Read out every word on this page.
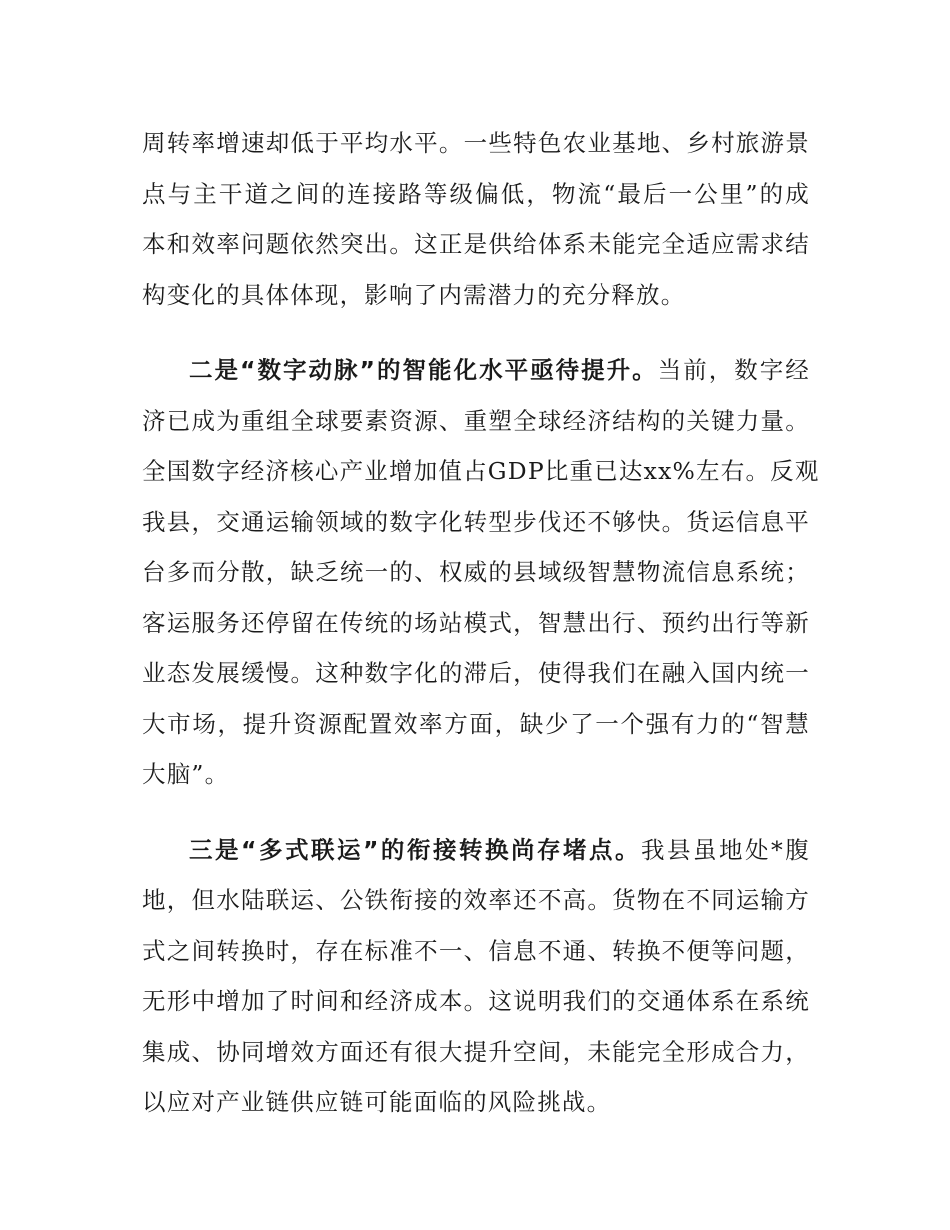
周转率增速却低于平均水平。一些特色农业基地、乡村旅游景
点与主干道之间的连接路等级偏低，物流“最后一公里”的成
本和效率问题依然突出。这正是供给体系未能完全适应需求结
构变化的具体体现，影响了内需潜力的充分释放。
二是“数字动脉”的智能化水平亟待提升。当前，数字经
济已成为重组全球要素资源、重塑全球经济结构的关键力量。
全国数字经济核心产业增加值占GDP比重已达xx%左右。反观
我县，交通运输领域的数字化转型步伐还不够快。货运信息平
台多而分散，缺乏统一的、权威的县域级智慧物流信息系统；
客运服务还停留在传统的场站模式，智慧出行、预约出行等新
业态发展缓慢。这种数字化的滞后，使得我们在融入国内统一
大市场，提升资源配置效率方面，缺少了一个强有力的“智慧
大脑”。
三是“多式联运”的衔接转换尚存堵点。我县虽地处*腹
地，但水陆联运、公铁衔接的效率还不高。货物在不同运输方
式之间转换时，存在标准不一、信息不通、转换不便等问题，
无形中增加了时间和经济成本。这说明我们的交通体系在系统
集成、协同增效方面还有很大提升空间，未能完全形成合力，
以应对产业链供应链可能面临的风险挑战。
